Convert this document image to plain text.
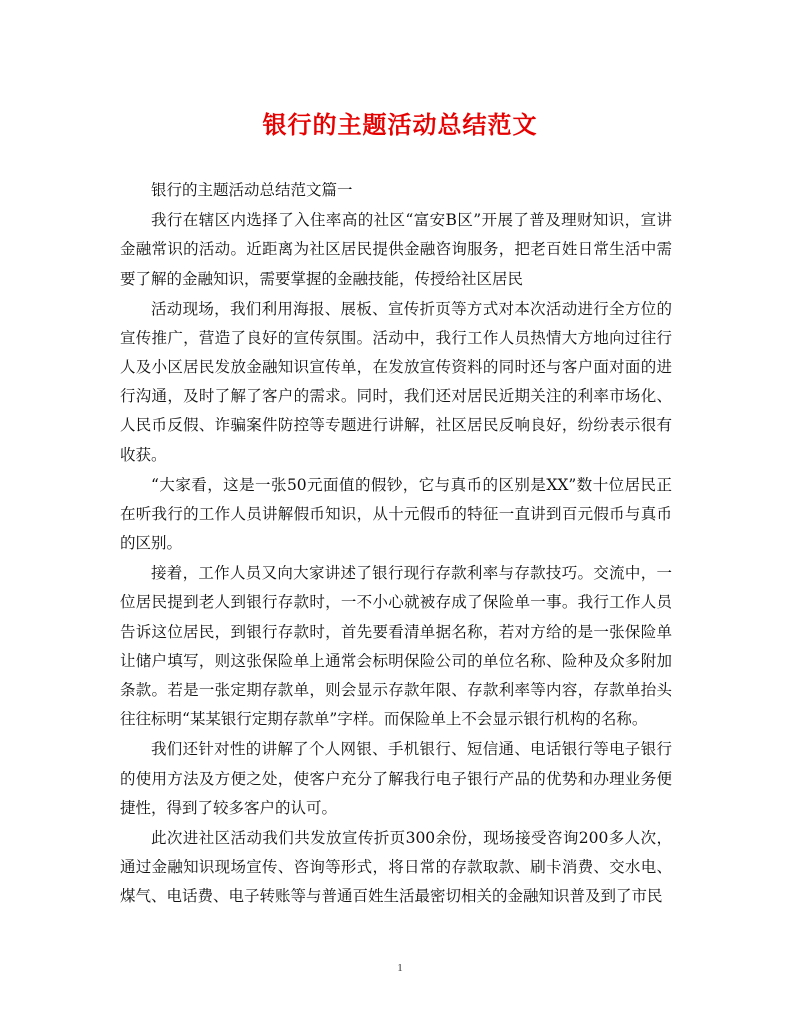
银行的主题活动总结范文

银行的主题活动总结范文篇一

我行在辖区内选择了入住率高的社区“富安B区”开展了普及理财知识，宣讲金融常识的活动。近距离为社区居民提供金融咨询服务，把老百姓日常生活中需要了解的金融知识，需要掌握的金融技能，传授给社区居民

活动现场，我们利用海报、展板、宣传折页等方式对本次活动进行全方位的宣传推广，营造了良好的宣传氛围。活动中，我行工作人员热情大方地向过往行人及小区居民发放金融知识宣传单，在发放宣传资料的同时还与客户面对面的进行沟通，及时了解了客户的需求。同时，我们还对居民近期关注的利率市场化、人民币反假、诈骗案件防控等专题进行讲解，社区居民反响良好，纷纷表示很有收获。

“大家看，这是一张50元面值的假钞，它与真币的区别是XX”数十位居民正在听我行的工作人员讲解假币知识，从十元假币的特征一直讲到百元假币与真币的区别。

接着，工作人员又向大家讲述了银行现行存款利率与存款技巧。交流中，一位居民提到老人到银行存款时，一不小心就被存成了保险单一事。我行工作人员告诉这位居民，到银行存款时，首先要看清单据名称，若对方给的是一张保险单让储户填写，则这张保险单上通常会标明保险公司的单位名称、险种及众多附加条款。若是一张定期存款单，则会显示存款年限、存款利率等内容，存款单抬头往往标明“某某银行定期存款单”字样。而保险单上不会显示银行机构的名称。

我们还针对性的讲解了个人网银、手机银行、短信通、电话银行等电子银行的使用方法及方便之处，使客户充分了解我行电子银行产品的优势和办理业务便捷性，得到了较多客户的认可。

此次进社区活动我们共发放宣传折页300余份，现场接受咨询200多人次，通过金融知识现场宣传、咨询等形式，将日常的存款取款、刷卡消费、交水电、煤气、电话费、电子转账等与普通百姓生活最密切相关的金融知识普及到了市民

1
